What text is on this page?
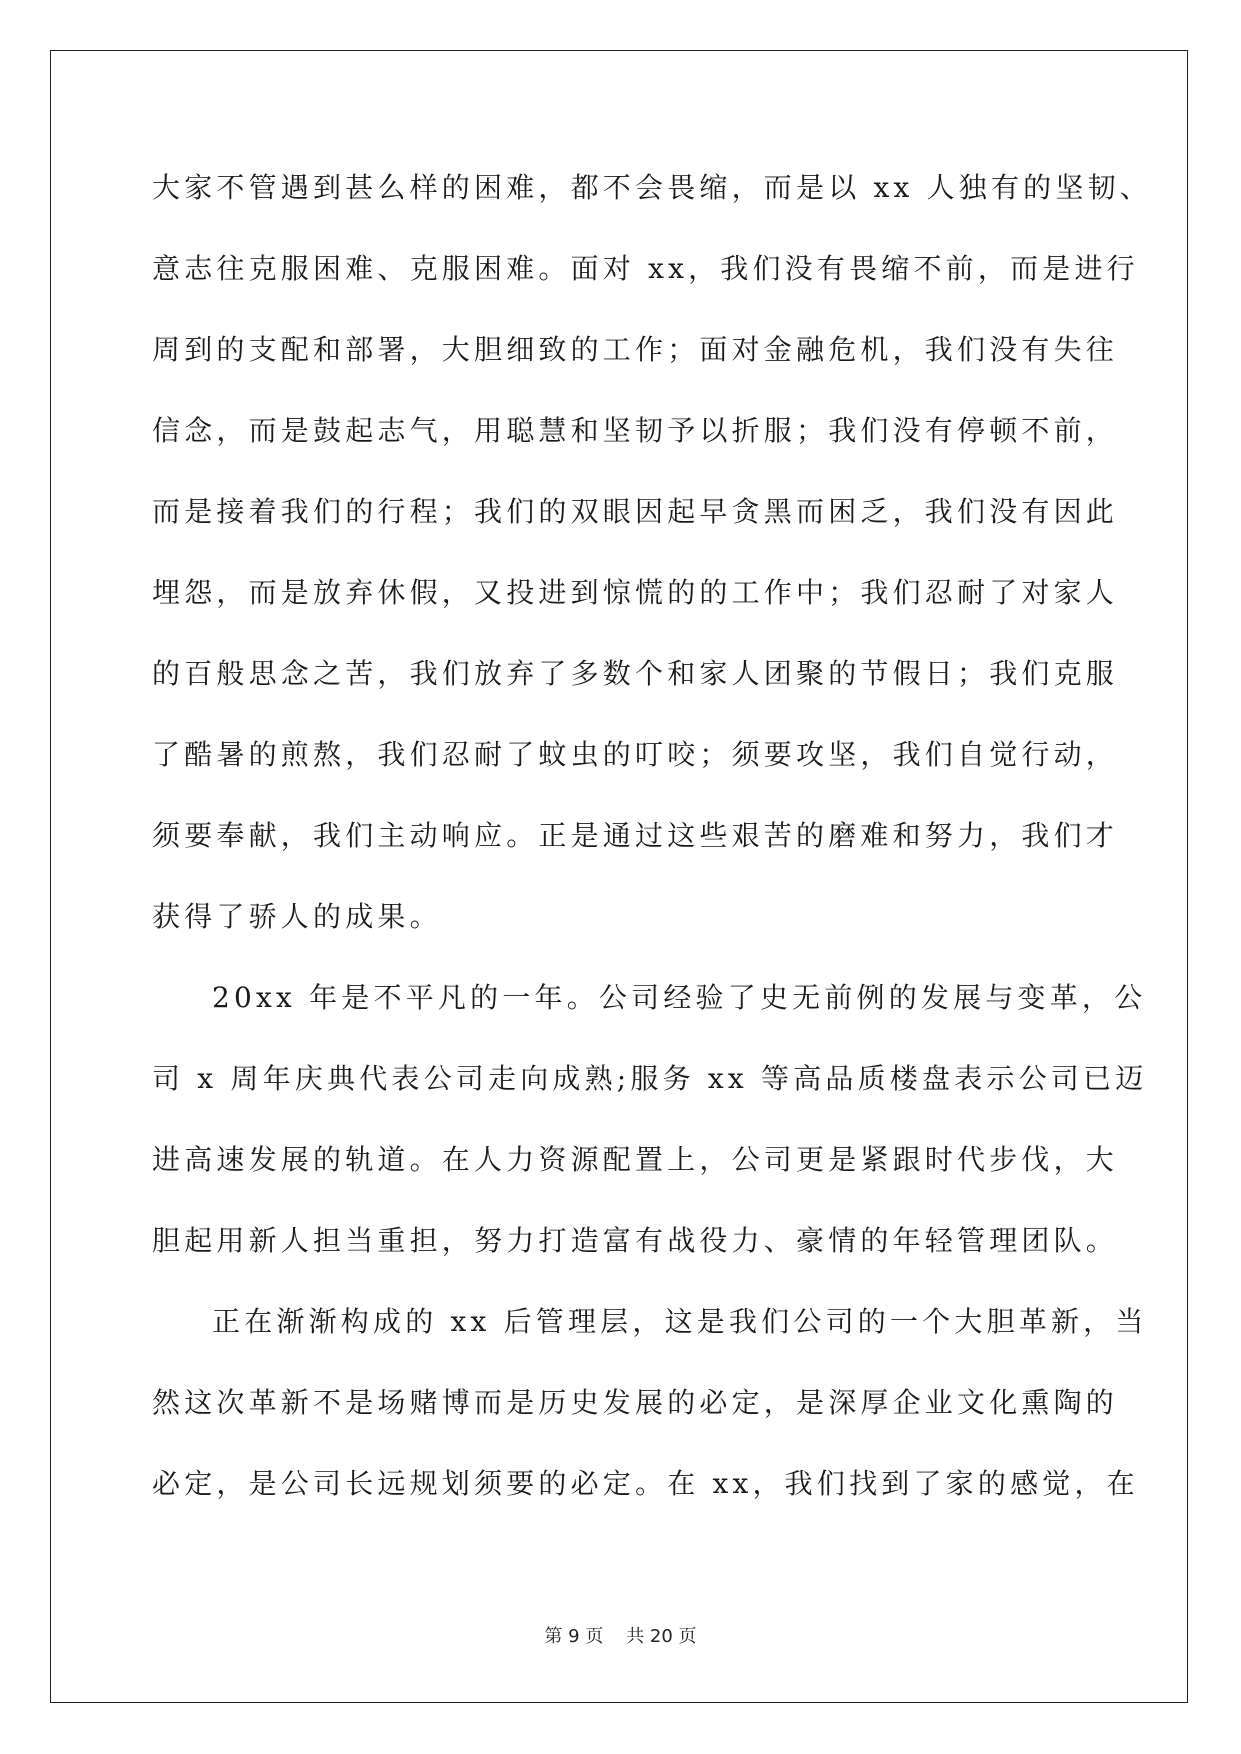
大家不管遇到甚么样的困难，都不会畏缩，而是以 xx 人独有的坚韧、
意志往克服困难、克服困难。面对 xx，我们没有畏缩不前，而是进行
周到的支配和部署，大胆细致的工作；面对金融危机，我们没有失往
信念，而是鼓起志气，用聪慧和坚韧予以折服；我们没有停顿不前，
而是接着我们的行程；我们的双眼因起早贪黑而困乏，我们没有因此
埋怨，而是放弃休假，又投进到惊慌的的工作中；我们忍耐了对家人
的百般思念之苦，我们放弃了多数个和家人团聚的节假日；我们克服
了酷暑的煎熬，我们忍耐了蚊虫的叮咬；须要攻坚，我们自觉行动，
须要奉献，我们主动响应。正是通过这些艰苦的磨难和努力，我们才
获得了骄人的成果。
20xx 年是不平凡的一年。公司经验了史无前例的发展与变革，公
司 x 周年庆典代表公司走向成熟;服务 xx 等高品质楼盘表示公司已迈
进高速发展的轨道。在人力资源配置上，公司更是紧跟时代步伐，大
胆起用新人担当重担，努力打造富有战役力、豪情的年轻管理团队。
正在渐渐构成的 xx 后管理层，这是我们公司的一个大胆革新，当
然这次革新不是场赌博而是历史发展的必定，是深厚企业文化熏陶的
必定，是公司长远规划须要的必定。在 xx，我们找到了家的感觉，在
第 9 页    共 20 页
